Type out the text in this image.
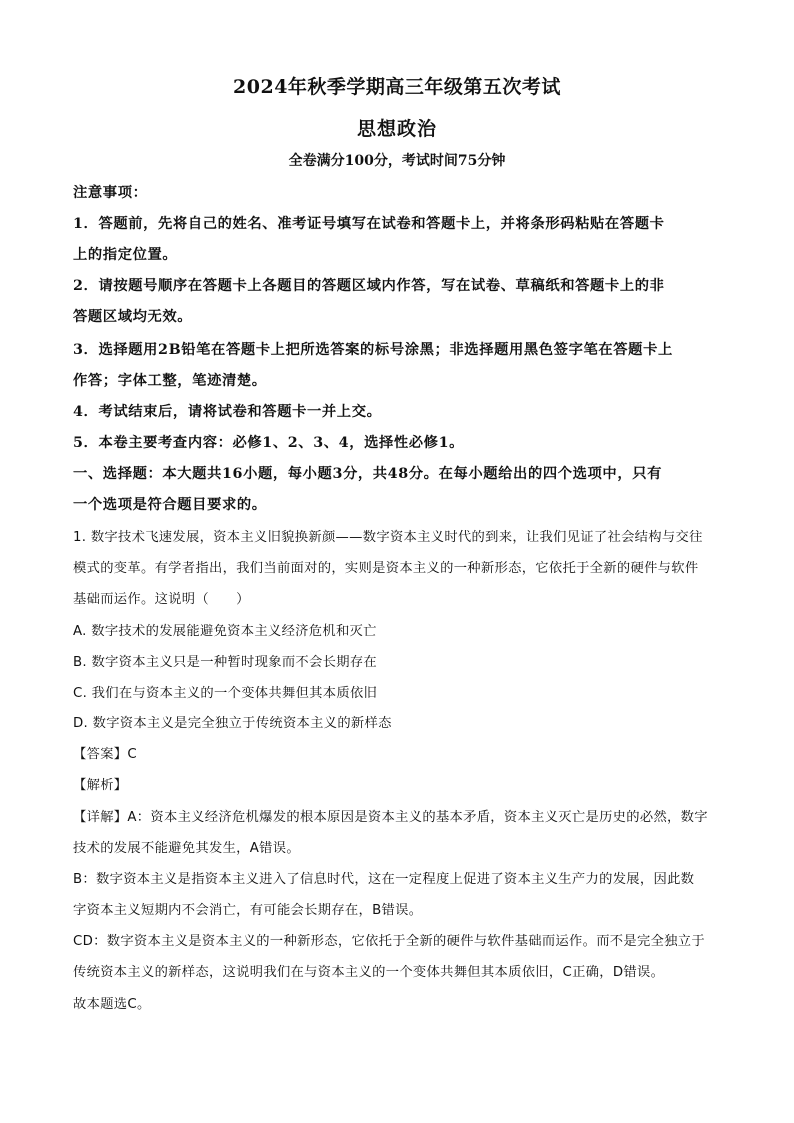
2024年秋季学期高三年级第五次考试
思想政治
全卷满分100分，考试时间75分钟
注意事项：
1．答题前，先将自己的姓名、准考证号填写在试卷和答题卡上，并将条形码粘贴在答题卡
上的指定位置。
2．请按题号顺序在答题卡上各题目的答题区域内作答，写在试卷、草稿纸和答题卡上的非
答题区域均无效。
3．选择题用2B铅笔在答题卡上把所选答案的标号涂黑；非选择题用黑色签字笔在答题卡上
作答；字体工整，笔迹清楚。
4．考试结束后，请将试卷和答题卡一并上交。
5．本卷主要考查内容：必修1、2、3、4，选择性必修1。
一、选择题：本大题共16小题，每小题3分，共48分。在每小题给出的四个选项中，只有
一个选项是符合题目要求的。
1. 数字技术飞速发展，资本主义旧貌换新颜——数字资本主义时代的到来，让我们见证了社会结构与交往
模式的变革。有学者指出，我们当前面对的，实则是资本主义的一种新形态，它依托于全新的硬件与软件
基础而运作。这说明（　　）
A. 数字技术的发展能避免资本主义经济危机和灭亡
B. 数字资本主义只是一种暂时现象而不会长期存在
C. 我们在与资本主义的一个变体共舞但其本质依旧
D. 数字资本主义是完全独立于传统资本主义的新样态
【答案】C
【解析】
【详解】A：资本主义经济危机爆发的根本原因是资本主义的基本矛盾，资本主义灭亡是历史的必然，数字
技术的发展不能避免其发生，A错误。
B：数字资本主义是指资本主义进入了信息时代，这在一定程度上促进了资本主义生产力的发展，因此数
字资本主义短期内不会消亡，有可能会长期存在，B错误。
CD：数字资本主义是资本主义的一种新形态，它依托于全新的硬件与软件基础而运作。而不是完全独立于
传统资本主义的新样态，这说明我们在与资本主义的一个变体共舞但其本质依旧，C正确，D错误。
故本题选C。
